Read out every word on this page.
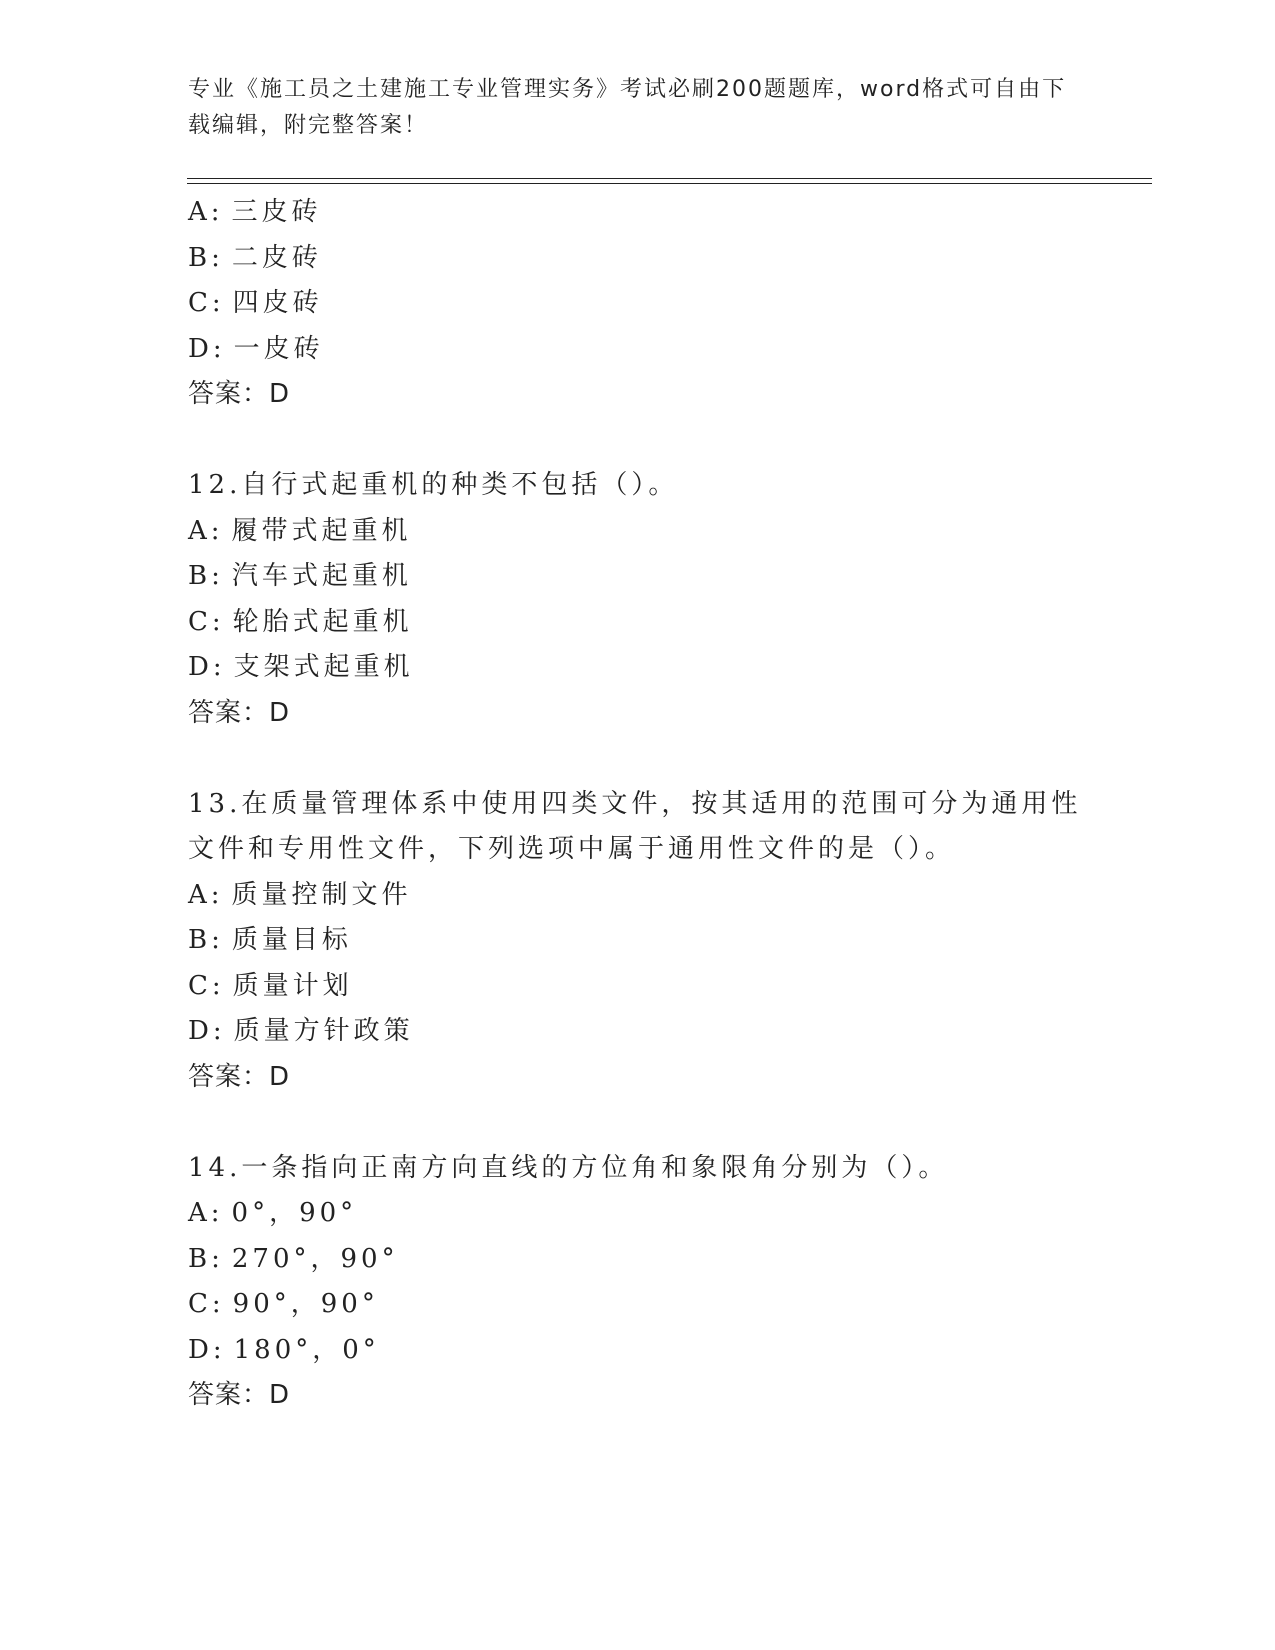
专业《施工员之土建施工专业管理实务》考试必刷200题题库，word格式可自由下载编辑，附完整答案！
A: 三皮砖
B: 二皮砖
C: 四皮砖
D: 一皮砖
答案：D
12.自行式起重机的种类不包括（）。
A: 履带式起重机
B: 汽车式起重机
C: 轮胎式起重机
D: 支架式起重机
答案：D
13.在质量管理体系中使用四类文件，按其适用的范围可分为通用性文件和专用性文件，下列选项中属于通用性文件的是（）。
A: 质量控制文件
B: 质量目标
C: 质量计划
D: 质量方针政策
答案：D
14.一条指向正南方向直线的方位角和象限角分别为（）。
A: 0°，90°
B: 270°，90°
C: 90°，90°
D: 180°，0°
答案：D
